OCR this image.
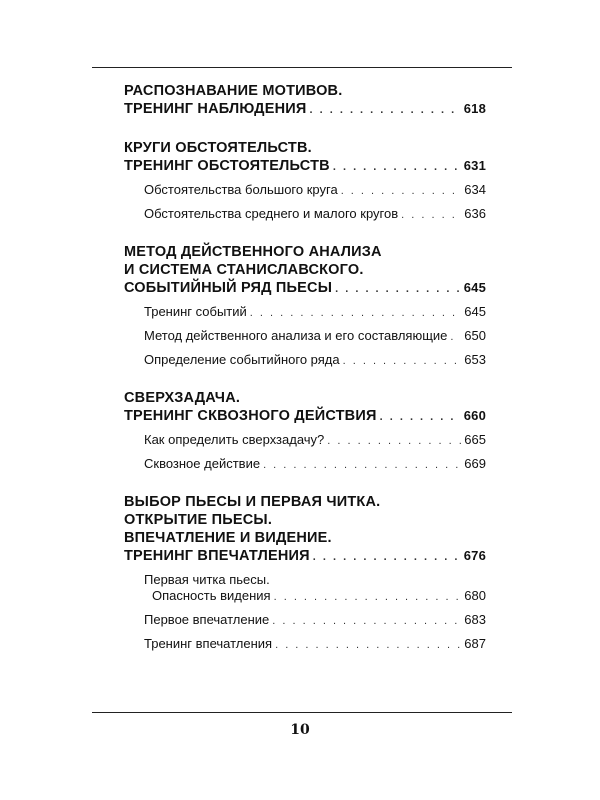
РАСПОЗНАВАНИЕ МОТИВОВ.
ТРЕНИНГ НАБЛЮДЕНИЯ . . .	618
КРУГИ ОБСТОЯТЕЛЬСТВ.
ТРЕНИНГ ОБСТОЯТЕЛЬСТВ . . .	631
Обстоятельства большого круга . . .	634
Обстоятельства среднего и малого кругов . . .	636
МЕТОД ДЕЙСТВЕННОГО АНАЛИЗА
И СИСТЕМА СТАНИСЛАВСКОГО.
СОБЫТИЙНЫЙ РЯД ПЬЕСЫ . . .	645
Тренинг событий . . .	645
Метод действенного анализа и его составляющие . . . 650
Определение событийного ряда . . .	653
СВЕРХЗАДАЧА.
ТРЕНИНГ СКВОЗНОГО ДЕЙСТВИЯ . . .	660
Как определить сверхзадачу? . . .	665
Сквозное действие . . .	669
ВЫБОР ПЬЕСЫ И ПЕРВАЯ ЧИТКА.
ОТКРЫТИЕ ПЬЕСЫ.
ВПЕЧАТЛЕНИЕ И ВИДЕНИЕ.
ТРЕНИНГ ВПЕЧАТЛЕНИЯ . . .	676
Первая читка пьесы.
Опасность видения . . .	680
Первое впечатление . . .	683
Тренинг впечатления . . .	687
10
